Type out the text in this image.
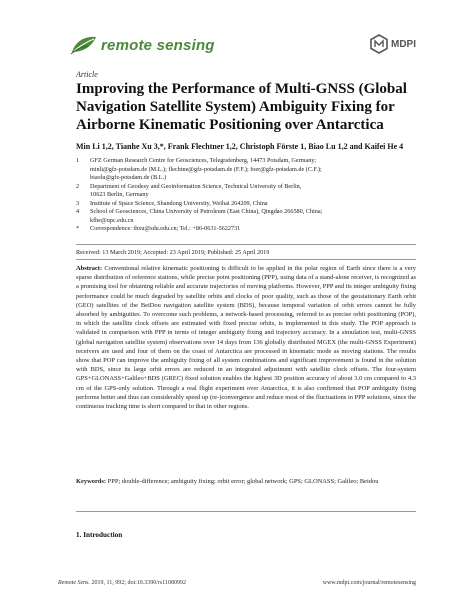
remote sensing	MDPI
Article
Improving the Performance of Multi-GNSS (Global Navigation Satellite System) Ambiguity Fixing for Airborne Kinematic Positioning over Antarctica
Min Li 1,2, Tianhe Xu 3,*, Frank Flechtner 1,2, Christoph Förste 1, Biao Lu 1,2 and Kaifei He 4
1	GFZ German Research Centre for Geosciences, Telegrafenberg, 14473 Potsdam, Germany;
minli@gfz-potsdam.de (M.L.); flechtne@gfz-potsdam.de (F.F.); foer@gfz-potsdam.de (C.F.);
biaolu@gfz-potsdam.de (B.L.)
2	Department of Geodesy and Geoinformation Science, Technical University of Berlin,
10623 Berlin, Germany
3	Institute of Space Science, Shandong University, Weihai 264209, China
4	School of Geosciences, China University of Petroleum (East China), Qingdao 266580, China;
kfhe@upc.edu.cn
*	Correspondence: thxu@sdu.edu.cn; Tel.: +86-0631-5622731
Received: 13 March 2019; Accepted: 23 April 2019; Published: 25 April 2019
Abstract: Conventional relative kinematic positioning is difficult to be applied in the polar region of Earth since there is a very sparse distribution of reference stations, while precise point positioning (PPP), using data of a stand-alone receiver, is recognized as a promising tool for obtaining reliable and accurate trajectories of moving platforms. However, PPP and its integer ambiguity fixing performance could be much degraded by satellite orbits and clocks of poor quality, such as those of the geostationary Earth orbit (GEO) satellites of the BeiDou navigation satellite system (BDS), because temporal variation of orbit errors cannot be fully absorbed by ambiguities. To overcome such problems, a network-based processing, referred to as precise orbit positioning (POP), in which the satellite clock offsets are estimated with fixed precise orbits, is implemented in this study. The POP approach is validated in comparison with PPP in terms of integer ambiguity fixing and trajectory accuracy. In a simulation test, multi-GNSS (global navigation satellite system) observations over 14 days from 136 globally distributed MGEX (the multi-GNSS Experiment) receivers are used and four of them on the coast of Antarctica are processed in kinematic mode as moving stations. The results show that POP can improve the ambiguity fixing of all system combinations and significant improvement is found in the solution with BDS, since its large orbit errors are reduced in an integrated adjustment with satellite clock offsets. The four-system GPS+GLONASS+Galileo+BDS (GREC) fixed solution enables the highest 3D position accuracy of about 3.0 cm compared to 4.3 cm of the GPS-only solution. Through a real flight experiment over Antarctica, it is also confirmed that POP ambiguity fixing performs better and thus can considerably speed up (re-)convergence and reduce most of the fluctuations in PPP solutions, since the continuous tracking time is short compared to that in other regions.
Keywords: PPP; double-difference; ambiguity fixing; orbit error; global network; GPS; GLONASS; Galileo; Beidou
1. Introduction
Remote Sens. 2019, 11, 992; doi:10.3390/rs11080992	www.mdpi.com/journal/remotesensing
